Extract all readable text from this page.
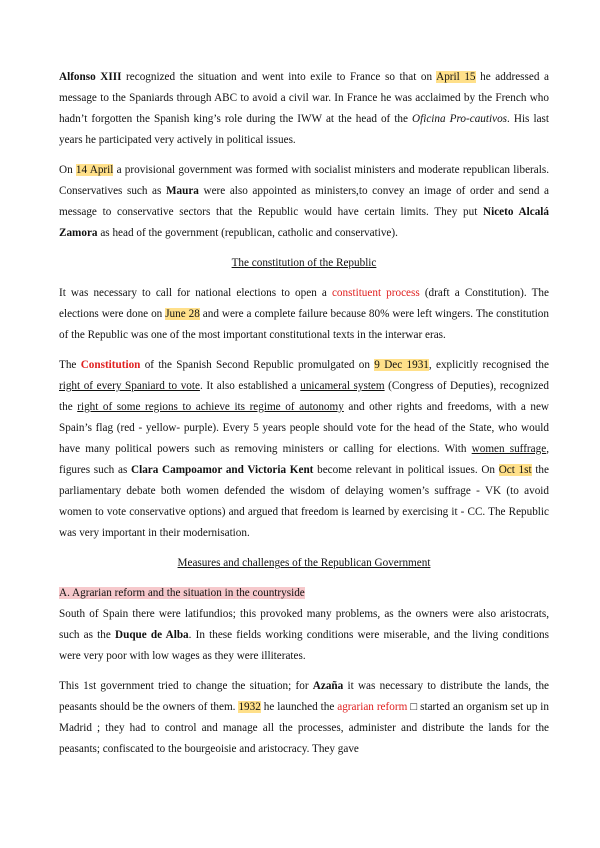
Alfonso XIII recognized the situation and went into exile to France so that on April 15 he addressed a message to the Spaniards through ABC to avoid a civil war. In France he was acclaimed by the French who hadn’t forgotten the Spanish king’s role during the IWW at the head of the Oficina Pro-cautivos. His last years he participated very actively in political issues.

On 14 April a provisional government was formed with socialist ministers and moderate republican liberals. Conservatives such as Maura were also appointed as ministers,to convey an image of order and send a message to conservative sectors that the Republic would have certain limits. They put Niceto Alcalá Zamora as head of the government (republican, catholic and conservative).

The constitution of the Republic

It was necessary to call for national elections to open a constituent process (draft a Constitution). The elections were done on June 28 and were a complete failure because 80% were left wingers. The constitution of the Republic was one of the most important constitutional texts in the interwar eras.

The Constitution of the Spanish Second Republic promulgated on 9 Dec 1931, explicitly recognised the right of every Spaniard to vote. It also established a unicameral system (Congress of Deputies), recognized the right of some regions to achieve its regime of autonomy and other rights and freedoms, with a new Spain’s flag (red - yellow- purple). Every 5 years people should vote for the head of the State, who would have many political powers such as removing ministers or calling for elections. With women suffrage, figures such as Clara Campoamor and Victoria Kent become relevant in political issues. On Oct 1st the parliamentary debate both women defended the wisdom of delaying women’s suffrage - VK (to avoid women to vote conservative options) and argued that freedom is learned by exercising it - CC. The Republic was very important in their modernisation.

Measures and challenges of the Republican Government

A. Agrarian reform and the situation in the countryside

South of Spain there were latifundios; this provoked many problems, as the owners were also aristocrats, such as the Duque de Alba. In these fields working conditions were miserable, and the living conditions were very poor with low wages as they were illiterates.

This 1st government tried to change the situation; for Azaña it was necessary to distribute the lands, the peasants should be the owners of them. 1932 he launched the agrarian reform □ started an organism set up in Madrid ; they had to control and manage all the processes, administer and distribute the lands for the peasants; confiscated to the bourgeoisie and aristocracy. They gave
